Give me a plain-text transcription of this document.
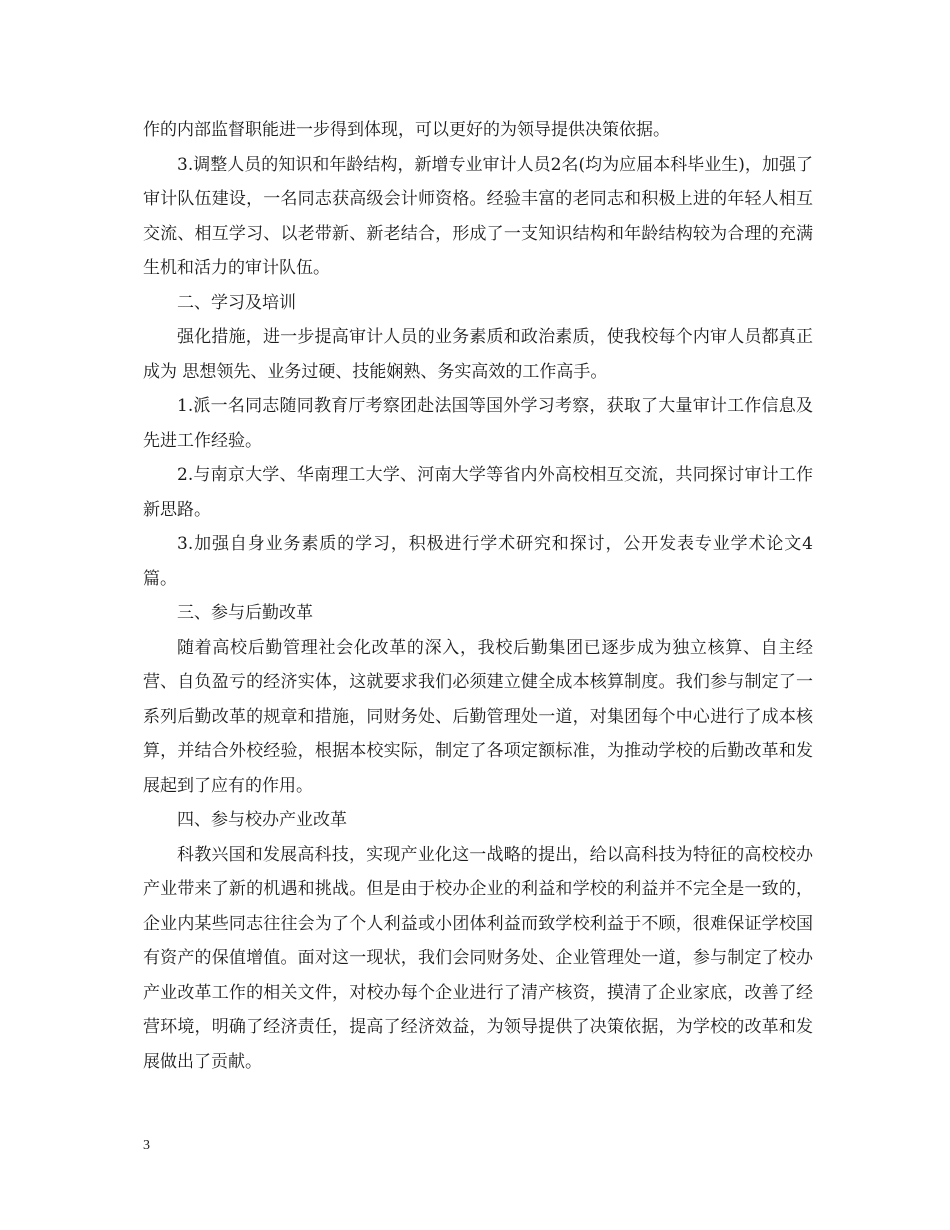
作的内部监督职能进一步得到体现，可以更好的为领导提供决策依据。

3.调整人员的知识和年龄结构，新增专业审计人员2名(均为应届本科毕业生)，加强了审计队伍建设，一名同志获高级会计师资格。经验丰富的老同志和积极上进的年轻人相互交流、相互学习、以老带新、新老结合，形成了一支知识结构和年龄结构较为合理的充满生机和活力的审计队伍。

二、学习及培训

强化措施，进一步提高审计人员的业务素质和政治素质，使我校每个内审人员都真正成为 思想领先、业务过硬、技能娴熟、务实高效的工作高手。

1.派一名同志随同教育厅考察团赴法国等国外学习考察，获取了大量审计工作信息及先进工作经验。

2.与南京大学、华南理工大学、河南大学等省内外高校相互交流，共同探讨审计工作新思路。

3.加强自身业务素质的学习，积极进行学术研究和探讨，公开发表专业学术论文4篇。

三、参与后勤改革

随着高校后勤管理社会化改革的深入，我校后勤集团已逐步成为独立核算、自主经营、自负盈亏的经济实体，这就要求我们必须建立健全成本核算制度。我们参与制定了一系列后勤改革的规章和措施，同财务处、后勤管理处一道，对集团每个中心进行了成本核算，并结合外校经验，根据本校实际，制定了各项定额标准，为推动学校的后勤改革和发展起到了应有的作用。

四、参与校办产业改革

科教兴国和发展高科技，实现产业化这一战略的提出，给以高科技为特征的高校校办产业带来了新的机遇和挑战。但是由于校办企业的利益和学校的利益并不完全是一致的，企业内某些同志往往会为了个人利益或小团体利益而致学校利益于不顾，很难保证学校国有资产的保值增值。面对这一现状，我们会同财务处、企业管理处一道，参与制定了校办产业改革工作的相关文件，对校办每个企业进行了清产核资，摸清了企业家底，改善了经营环境，明确了经济责任，提高了经济效益，为领导提供了决策依据，为学校的改革和发展做出了贡献。

3
